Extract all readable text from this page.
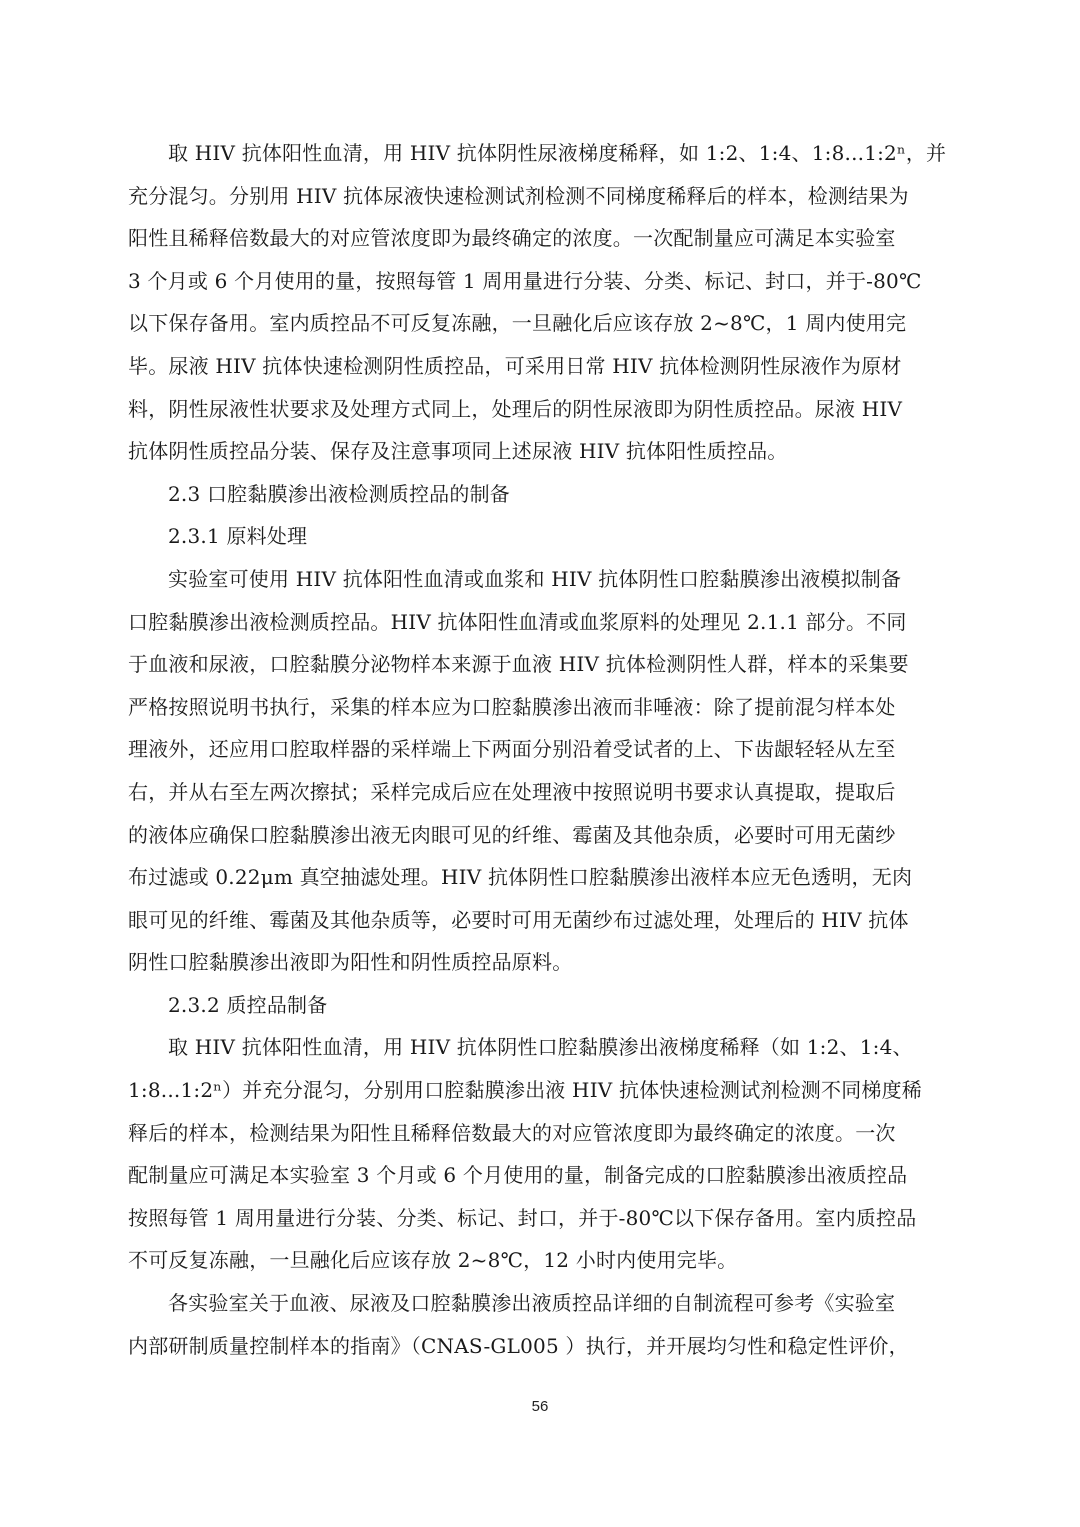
取 HIV 抗体阳性血清，用 HIV 抗体阴性尿液梯度稀释，如 1:2、1:4、1:8...1:2ⁿ，并
充分混匀。分别用 HIV 抗体尿液快速检测试剂检测不同梯度稀释后的样本，检测结果为
阳性且稀释倍数最大的对应管浓度即为最终确定的浓度。一次配制量应可满足本实验室
3 个月或 6 个月使用的量，按照每管 1 周用量进行分装、分类、标记、封口，并于-80℃
以下保存备用。室内质控品不可反复冻融，一旦融化后应该存放 2~8℃，1 周内使用完
毕。尿液 HIV 抗体快速检测阴性质控品，可采用日常 HIV 抗体检测阴性尿液作为原材
料，阴性尿液性状要求及处理方式同上，处理后的阴性尿液即为阴性质控品。尿液 HIV
抗体阴性质控品分装、保存及注意事项同上述尿液 HIV 抗体阳性质控品。

2.3 口腔黏膜渗出液检测质控品的制备

2.3.1 原料处理

实验室可使用 HIV 抗体阳性血清或血浆和 HIV 抗体阴性口腔黏膜渗出液模拟制备
口腔黏膜渗出液检测质控品。HIV 抗体阳性血清或血浆原料的处理见 2.1.1 部分。不同
于血液和尿液，口腔黏膜分泌物样本来源于血液 HIV 抗体检测阴性人群，样本的采集要
严格按照说明书执行，采集的样本应为口腔黏膜渗出液而非唾液：除了提前混匀样本处
理液外，还应用口腔取样器的采样端上下两面分别沿着受试者的上、下齿龈轻轻从左至
右，并从右至左两次擦拭；采样完成后应在处理液中按照说明书要求认真提取，提取后
的液体应确保口腔黏膜渗出液无肉眼可见的纤维、霉菌及其他杂质，必要时可用无菌纱
布过滤或 0.22μm 真空抽滤处理。HIV 抗体阴性口腔黏膜渗出液样本应无色透明，无肉
眼可见的纤维、霉菌及其他杂质等，必要时可用无菌纱布过滤处理，处理后的 HIV 抗体
阴性口腔黏膜渗出液即为阳性和阴性质控品原料。

2.3.2 质控品制备

取 HIV 抗体阳性血清，用 HIV 抗体阴性口腔黏膜渗出液梯度稀释（如 1:2、1:4、
1:8...1:2ⁿ）并充分混匀，分别用口腔黏膜渗出液 HIV 抗体快速检测试剂检测不同梯度稀
释后的样本，检测结果为阳性且稀释倍数最大的对应管浓度即为最终确定的浓度。一次
配制量应可满足本实验室 3 个月或 6 个月使用的量，制备完成的口腔黏膜渗出液质控品
按照每管 1 周用量进行分装、分类、标记、封口，并于-80℃以下保存备用。室内质控品
不可反复冻融，一旦融化后应该存放 2~8℃，12 小时内使用完毕。

各实验室关于血液、尿液及口腔黏膜渗出液质控品详细的自制流程可参考《实验室
内部研制质量控制样本的指南》（CNAS-GL005 ）执行，并开展均匀性和稳定性评价，

56
